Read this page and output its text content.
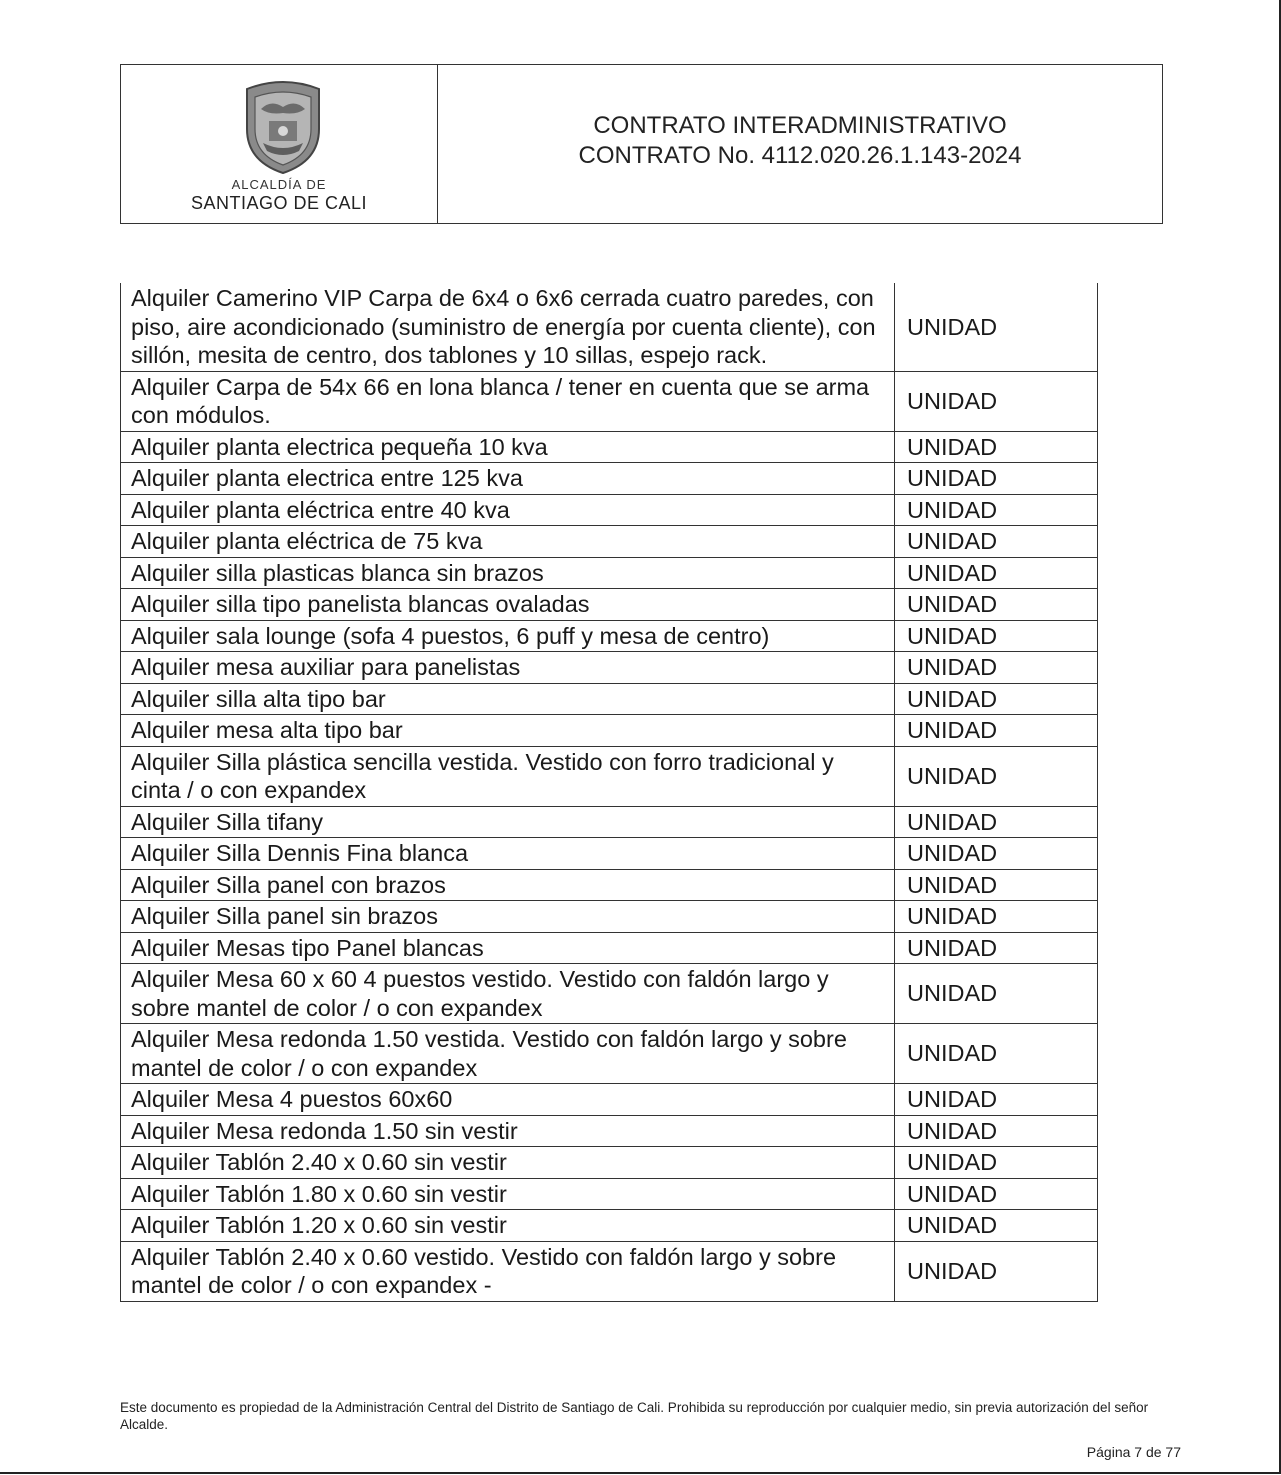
ALCALDÍA DE
SANTIAGO DE CALI
CONTRATO INTERADMINISTRATIVO
CONTRATO No. 4112.020.26.1.143-2024
Alquiler Camerino VIP Carpa de 6x4 o 6x6 cerrada cuatro paredes, con piso, aire acondicionado (suministro de energía por cuenta cliente), con sillón, mesita de centro, dos tablones y 10 sillas, espejo rack.	UNIDAD
Alquiler Carpa de 54x 66 en lona blanca / tener en cuenta que se arma con módulos.	UNIDAD
Alquiler planta electrica pequeña 10 kva	UNIDAD
Alquiler planta electrica entre 125 kva	UNIDAD
Alquiler planta eléctrica entre 40 kva	UNIDAD
Alquiler planta eléctrica de 75 kva	UNIDAD
Alquiler silla plasticas blanca sin brazos	UNIDAD
Alquiler silla tipo panelista blancas ovaladas	UNIDAD
Alquiler sala lounge (sofa 4 puestos, 6 puff y mesa de centro)	UNIDAD
Alquiler mesa auxiliar para panelistas	UNIDAD
Alquiler silla alta tipo bar	UNIDAD
Alquiler mesa alta tipo bar	UNIDAD
Alquiler Silla plástica sencilla vestida. Vestido con forro tradicional y cinta / o con expandex	UNIDAD
Alquiler Silla tifany	UNIDAD
Alquiler Silla Dennis Fina blanca	UNIDAD
Alquiler Silla panel con brazos	UNIDAD
Alquiler Silla panel sin brazos	UNIDAD
Alquiler Mesas tipo Panel blancas	UNIDAD
Alquiler Mesa 60 x 60 4 puestos vestido. Vestido con faldón largo y sobre mantel de color / o con expandex	UNIDAD
Alquiler Mesa redonda 1.50 vestida. Vestido con faldón largo y sobre mantel de color / o con expandex	UNIDAD
Alquiler Mesa 4 puestos 60x60	UNIDAD
Alquiler Mesa redonda 1.50 sin vestir	UNIDAD
Alquiler Tablón 2.40 x 0.60 sin vestir	UNIDAD
Alquiler Tablón 1.80 x 0.60 sin vestir	UNIDAD
Alquiler Tablón 1.20 x 0.60 sin vestir	UNIDAD
Alquiler Tablón 2.40 x 0.60 vestido. Vestido con faldón largo y sobre mantel de color / o con expandex -	UNIDAD
Este documento es propiedad de la Administración Central del Distrito de Santiago de Cali. Prohibida su reproducción por cualquier medio, sin previa autorización del señor Alcalde.
Página 7 de 77
